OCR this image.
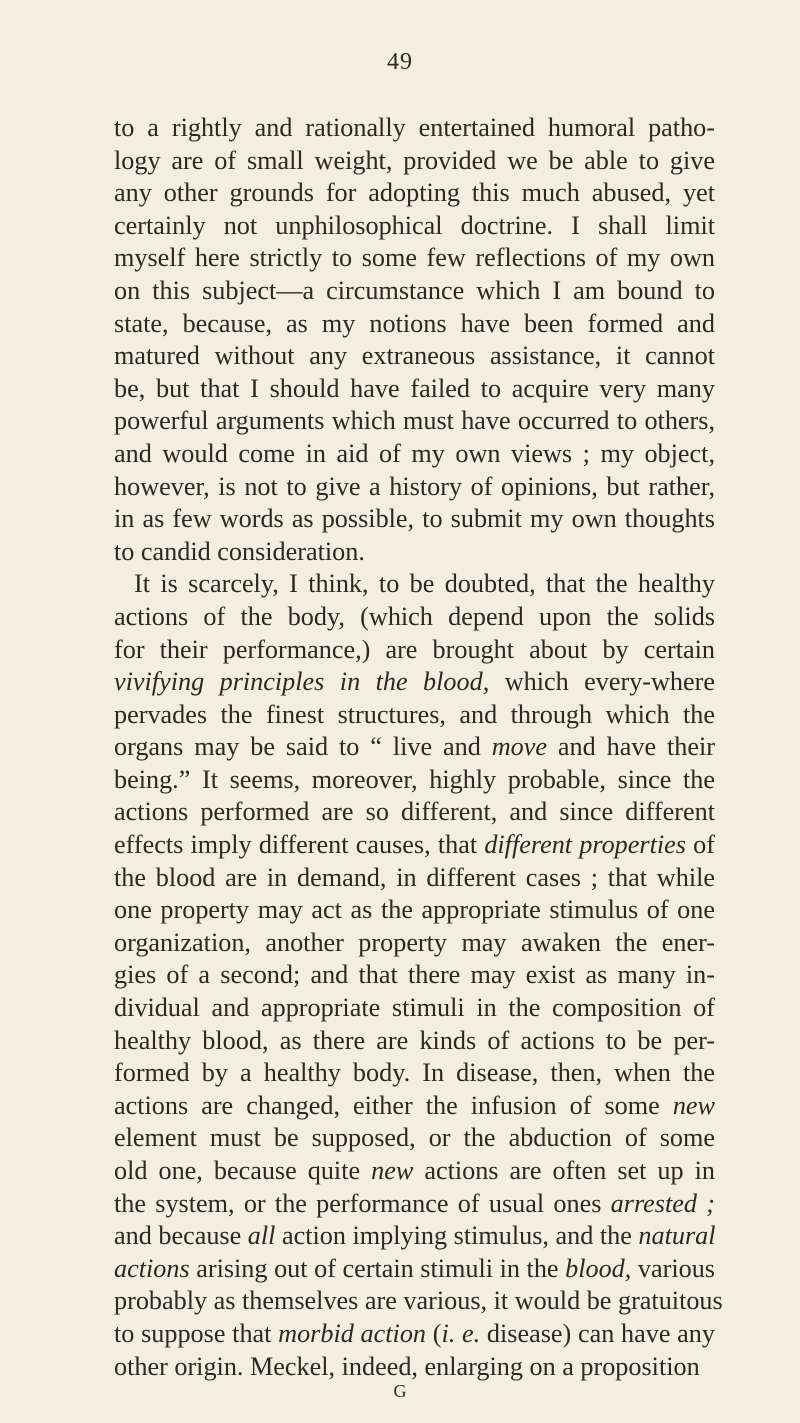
49
to a rightly and rationally entertained humoral patho-
logy are of small weight, provided we be able to give
any other grounds for adopting this much abused, yet
certainly not unphilosophical doctrine. I shall limit
myself here strictly to some few reflections of my own
on this subject—a circumstance which I am bound to
state, because, as my notions have been formed and
matured without any extraneous assistance, it cannot
be, but that I should have failed to acquire very many
powerful arguments which must have occurred to others,
and would come in aid of my own views ; my object,
however, is not to give a history of opinions, but rather,
in as few words as possible, to submit my own thoughts
to candid consideration.
It is scarcely, I think, to be doubted, that the healthy
actions of the body, (which depend upon the solids
for their performance,) are brought about by certain
vivifying principles in the blood, which every-where
pervades the finest structures, and through which the
organs may be said to “ live and move and have their
being.” It seems, moreover, highly probable, since the
actions performed are so different, and since different
effects imply different causes, that different properties of
the blood are in demand, in different cases ; that while
one property may act as the appropriate stimulus of one
organization, another property may awaken the ener-
gies of a second; and that there may exist as many in-
dividual and appropriate stimuli in the composition of
healthy blood, as there are kinds of actions to be per-
formed by a healthy body. In disease, then, when the
actions are changed, either the infusion of some new
element must be supposed, or the abduction of some
old one, because quite new actions are often set up in
the system, or the performance of usual ones arrested ;
and because all action implying stimulus, and the natural
actions arising out of certain stimuli in the blood, various
probably as themselves are various, it would be gratuitous
to suppose that morbid action (i. e. disease) can have any
other origin. Meckel, indeed, enlarging on a proposition
G
